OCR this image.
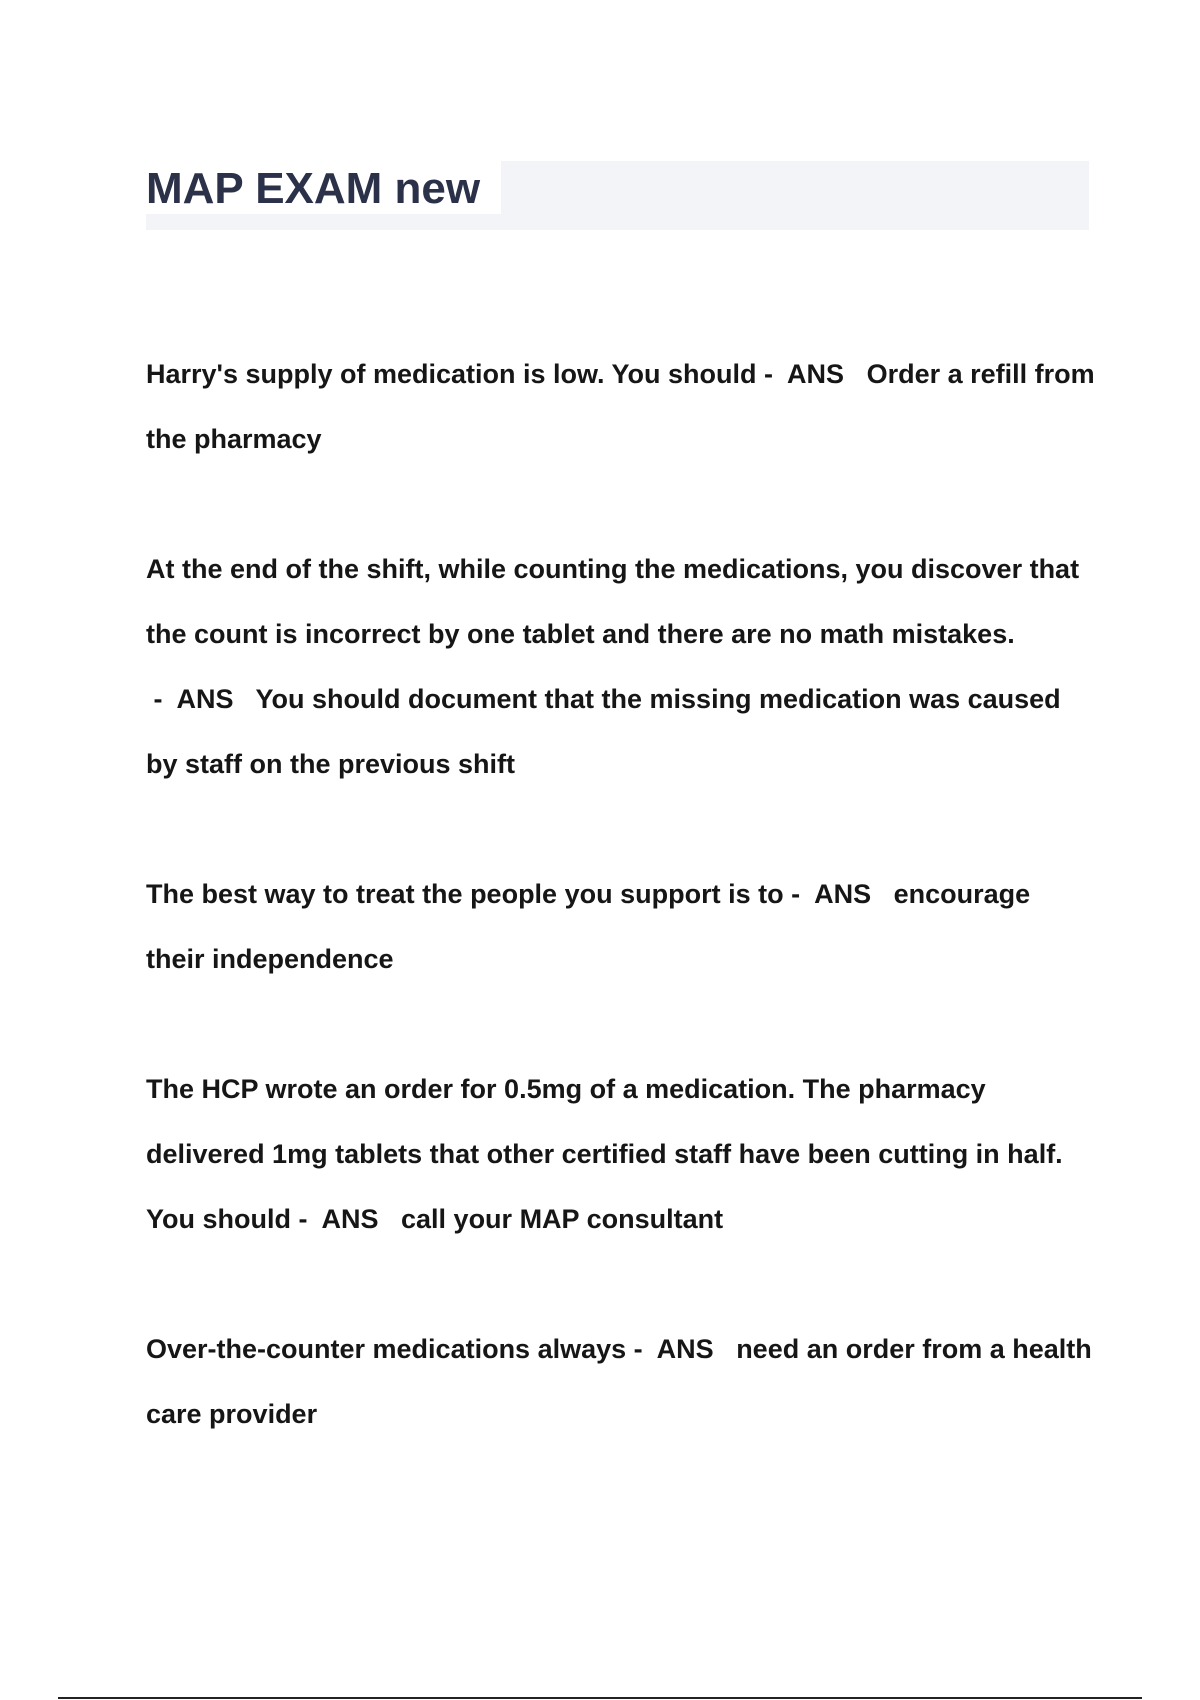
MAP EXAM new

Harry's supply of medication is low. You should -  ANS Order a refill from the pharmacy

At the end of the shift, while counting the medications, you discover that the count is incorrect by one tablet and there are no math mistakes. -  ANS You should document that the missing medication was caused by staff on the previous shift

The best way to treat the people you support is to -  ANS encourage their independence

The HCP wrote an order for 0.5mg of a medication. The pharmacy delivered 1mg tablets that other certified staff have been cutting in half. You should -  ANS call your MAP consultant

Over-the-counter medications always -  ANS need an order from a health care provider
